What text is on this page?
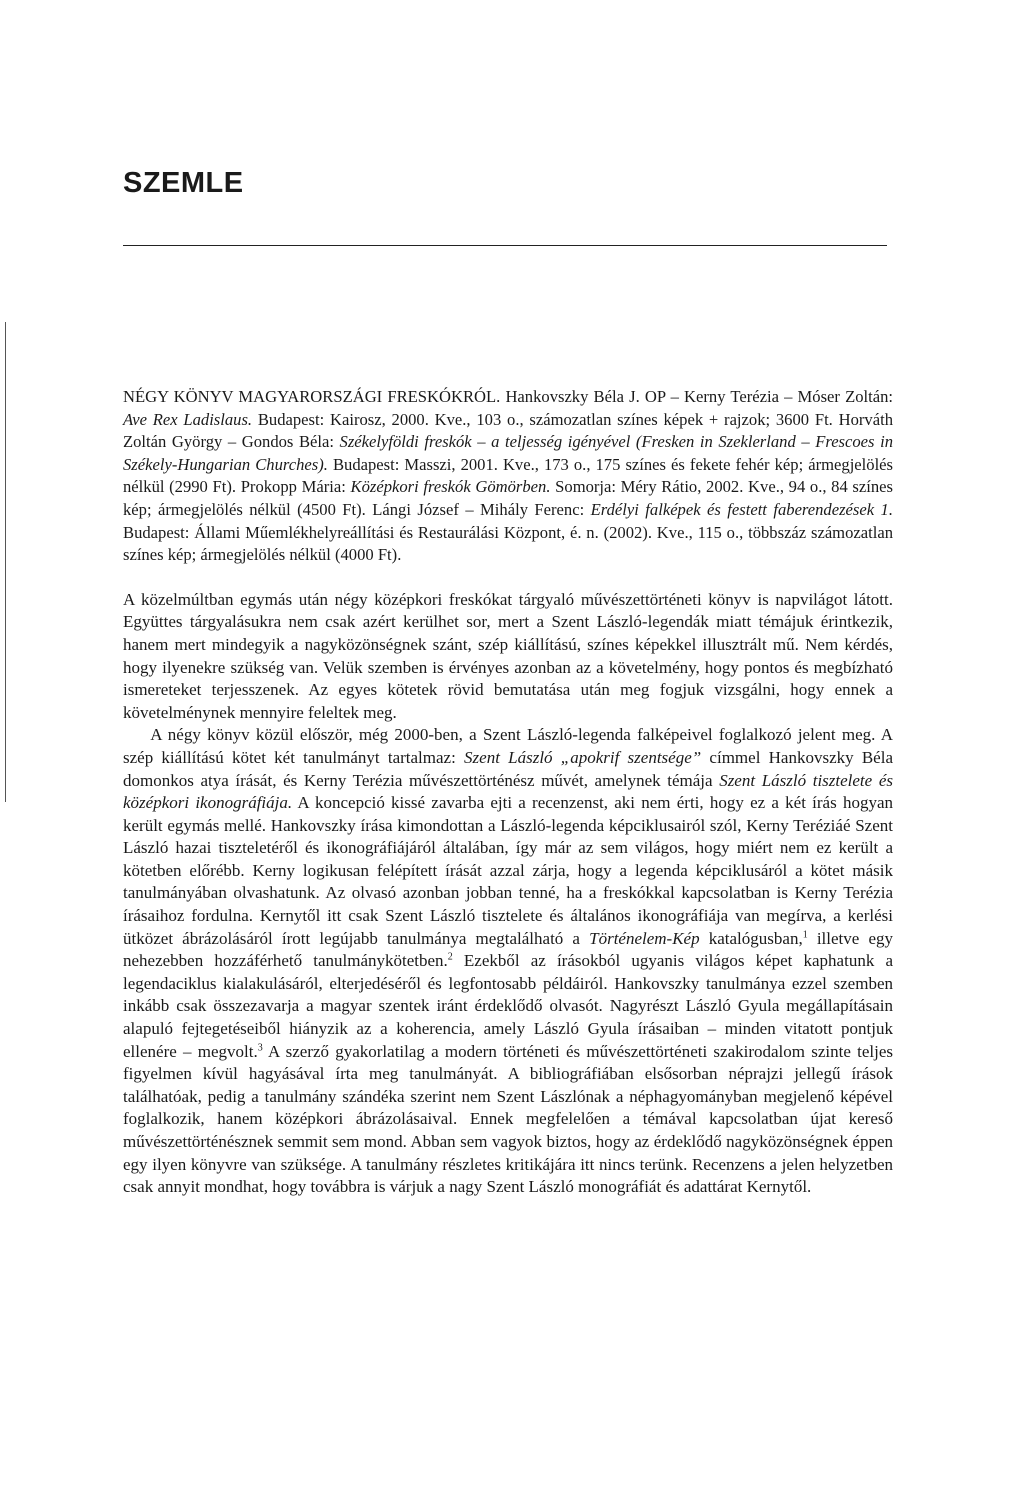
SZEMLE

NÉGY KÖNYV MAGYARORSZÁGI FRESKÓKRÓL. Hankovszky Béla J. OP – Kerny Terézia – Móser Zoltán: Ave Rex Ladislaus. Budapest: Kairosz, 2000. Kve., 103 o., számozatlan színes képek + rajzok; 3600 Ft. Horváth Zoltán György – Gondos Béla: Székelyföldi freskók – a teljesség igényével (Fresken in Szeklerland – Frescoes in Székely-Hungarian Churches). Budapest: Masszi, 2001. Kve., 173 o., 175 színes és fekete fehér kép; ármegjelölés nélkül (2990 Ft). Prokopp Mária: Középkori freskók Gömörben. Somorja: Méry Rátio, 2002. Kve., 94 o., 84 színes kép; ármegjelölés nélkül (4500 Ft). Lángi József – Mihály Ferenc: Erdélyi falképek és festett faberendezések 1. Budapest: Állami Műemlékhelyreállítási és Restaurálási Központ, é. n. (2002). Kve., 115 o., többszáz számozatlan színes kép; ármegjelölés nélkül (4000 Ft).

A közelmúltban egymás után négy középkori freskókat tárgyaló művészettörténeti könyv is napvilágot látott. Együttes tárgyalásukra nem csak azért kerülhet sor, mert a Szent László-legendák miatt témájuk érintkezik, hanem mert mindegyik a nagyközönségnek szánt, szép kiállítású, színes képekkel illusztrált mű. Nem kérdés, hogy ilyenekre szükség van. Velük szemben is érvényes azonban az a követelmény, hogy pontos és megbízható ismereteket terjesszenek. Az egyes kötetek rövid bemutatása után meg fogjuk vizsgálni, hogy ennek a követelménynek mennyire feleltek meg.

A négy könyv közül először, még 2000-ben, a Szent László-legenda falképeivel foglalkozó jelent meg. A szép kiállítású kötet két tanulmányt tartalmaz: Szent László „apokrif szentsége” címmel Hankovszky Béla domonkos atya írását, és Kerny Terézia művészettörténész művét, amelynek témája Szent László tisztelete és középkori ikonográfiája. A koncepció kissé zavarba ejti a recenzenst, aki nem érti, hogy ez a két írás hogyan került egymás mellé. Hankovszky írása kimondottan a László-legenda képciklusairól szól, Kerny Teréziáé Szent László hazai tiszteletéről és ikonográfiájáról általában, így már az sem világos, hogy miért nem ez került a kötetben előrébb. Kerny logikusan felépített írását azzal zárja, hogy a legenda képciklusáról a kötet másik tanulmányában olvashatunk. Az olvasó azonban jobban tenné, ha a freskókkal kapcsolatban is Kerny Terézia írásaihoz fordulna. Kernytől itt csak Szent László tisztelete és általános ikonográfiája van megírva, a kerlési ütközet ábrázolásáról írott legújabb tanulmánya megtalálható a Történelem-Kép katalógusban,$^1$ illetve egy nehezebben hozzáférhető tanulmánykötetben.$^2$ Ezekből az írásokból ugyanis világos képet kaphatunk a legendaciklus kialakulásáról, elterjedéséről és legfontosabb példáiról. Hankovszky tanulmánya ezzel szemben inkább csak összezavarja a magyar szentek iránt érdeklődő olvasót. Nagyrészt László Gyula megállapításain alapuló fejtegetéseiből hiányzik az a koherencia, amely László Gyula írásaiban – minden vitatott pontjuk ellenére – megvolt.$^3$ A szerző gyakorlatilag a modern történeti és művészettörténeti szakirodalom szinte teljes figyelmen kívül hagyásával írta meg tanulmányát. A bibliográfiában elsősorban néprajzi jellegű írások találhatóak, pedig a tanulmány szándéka szerint nem Szent Lászlónak a néphagyományban megjelenő képével foglalkozik, hanem középkori ábrázolásaival. Ennek megfelelően a témával kapcsolatban újat kereső művészettörténésznek semmit sem mond. Abban sem vagyok biztos, hogy az érdeklődő nagyközönségnek éppen egy ilyen könyvre van szüksége. A tanulmány részletes kritikájára itt nincs terünk. Recenzens a jelen helyzetben csak annyit mondhat, hogy továbbra is várjuk a nagy Szent László monográfiát és adattárat Kernytől.
